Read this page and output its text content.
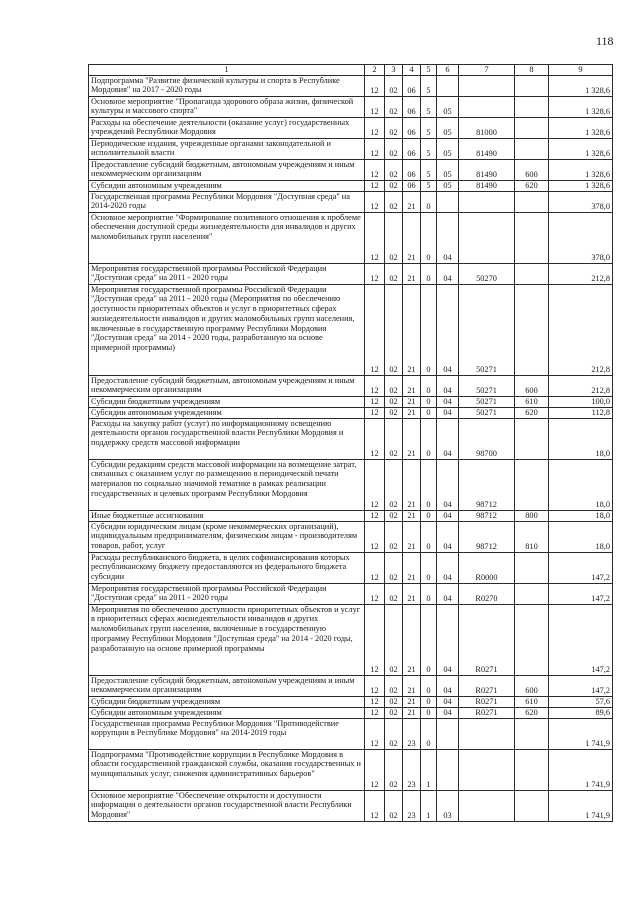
118
1	2	3	4	5	6	7	8	9
Подпрограмма "Развитие физической культуры и спорта в Республике Мордовия" на 2017 - 2020 годы	12	02	06	5				1 328,6
Основное мероприятие "Пропаганда здорового образа жизни, физической культуры и массового спорта"	12	02	06	5	05			1 328,6
Расходы на обеспечение деятельности (оказание услуг) государственных учреждений Республики Мордовия	12	02	06	5	05	81000		1 328,6
Периодические издания, учрежденные органами законодательной и исполнительной власти	12	02	06	5	05	81490		1 328,6
Предоставление субсидий бюджетным, автономным учреждениям и иным некоммерческим организациям	12	02	06	5	05	81490	600	1 328,6
Субсидии автономным учреждениям	12	02	06	5	05	81490	620	1 328,6
Государственная программа Республики Мордовия "Доступная среда" на 2014-2020 годы	12	02	21	0				378,0
Основное мероприятие "Формирование позитивного отношения к проблеме обеспечения доступной среды жизнедеятельности для инвалидов и других маломобильных групп населения"	12	02	21	0	04			378,0
Мероприятия государственной программы Российской Федерации "Доступная среда" на 2011 - 2020 годы	12	02	21	0	04	50270		212,8
Мероприятия государственной программы Российской Федерации "Доступная среда" на 2011 - 2020 годы (Мероприятия по обеспечению доступности приоритетных объектов и услуг в приоритетных сферах жизнедеятельности инвалидов и других маломобильных групп населения, включенные в государственную программу Республики Мордовия "Доступная среда" на 2014 - 2020 годы, разработанную на основе примерной программы)	12	02	21	0	04	50271		212,8
Предоставление субсидий бюджетным, автономным учреждениям и иным некоммерческим организациям	12	02	21	0	04	50271	600	212,8
Субсидии бюджетным учреждениям	12	02	21	0	04	50271	610	100,0
Субсидии автономным учреждениям	12	02	21	0	04	50271	620	112,8
Расходы на закупку работ (услуг) по информационному освещению деятельности органов государственной власти Республики Мордовия и поддержку средств массовой информации	12	02	21	0	04	98700		18,0
Субсидии редакциям средств массовой информации на возмещение затрат, связанных с оказанием услуг по размещению в периодической печати материалов по социально значимой тематике в рамках реализации государственных и целевых программ Республики Мордовия	12	02	21	0	04	98712		18,0
Иные бюджетные ассигнования	12	02	21	0	04	98712	800	18,0
Субсидии юридическим лицам (кроме некоммерческих организаций), индивидуальным предпринимателям, физическим лицам - производителям товаров, работ, услуг	12	02	21	0	04	98712	810	18,0
Расходы республиканского бюджета, в целях софинансирования которых республиканскому бюджету предоставляются из федерального бюджета субсидии	12	02	21	0	04	R0000		147,2
Мероприятия государственной программы Российской Федерации "Доступная среда" на 2011 - 2020 годы	12	02	21	0	04	R0270		147,2
Мероприятия по обеспечению доступности приоритетных объектов и услуг в приоритетных сферах жизнедеятельности инвалидов и других маломобильных групп населения, включенные в государственную программу Республики Мордовия "Доступная среда" на 2014 - 2020 годы, разработанную на основе примерной программы	12	02	21	0	04	R0271		147,2
Предоставление субсидий бюджетным, автономным учреждениям и иным некоммерческим организациям	12	02	21	0	04	R0271	600	147,2
Субсидии бюджетным учреждениям	12	02	21	0	04	R0271	610	57,6
Субсидии автономным учреждениям	12	02	21	0	04	R0271	620	89,6
Государственная программа Республики Мордовия "Противодействие коррупции в Республике Мордовия" на 2014-2019 годы	12	02	23	0				1 741,9
Подпрограмма "Противодействие коррупции в Республике Мордовия в области государственной гражданской службы, оказания государственных и муниципальных услуг, снижения административных барьеров"	12	02	23	1				1 741,9
Основное мероприятие "Обеспечение открытости и доступности информации о деятельности органов государственной власти Республики Мордовия"	12	02	23	1	03			1 741,9
